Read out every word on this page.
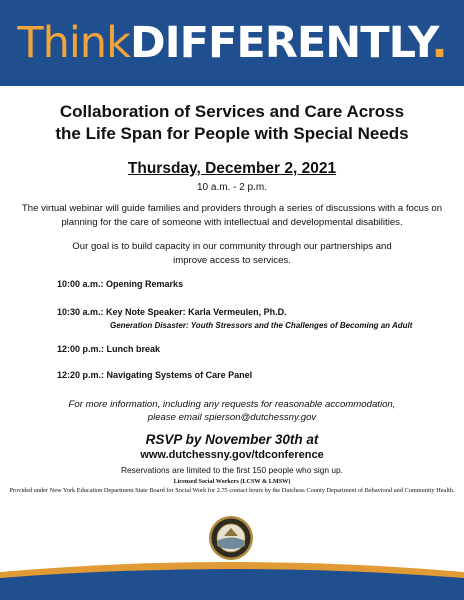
ThinkDIFFERENTLY.
Collaboration of Services and Care Across
the Life Span for People with Special Needs
Thursday, December 2, 2021
10 a.m. - 2 p.m.

The virtual webinar will guide families and providers through a series of discussions with a focus on planning for the care of someone with intellectual and developmental disabilities.

Our goal is to build capacity in our community through our partnerships and improve access to services.

10:00 a.m.: Opening Remarks
10:30 a.m.: Key Note Speaker: Karla Vermeulen, Ph.D.
Generation Disaster: Youth Stressors and the Challenges of Becoming an Adult
12:00 p.m.: Lunch break
12:20 p.m.: Navigating Systems of Care Panel

For more information, including any requests for reasonable accommodation,
please email spierson@dutchessny.gov

RSVP by November 30th at
www.dutchessny.gov/tdconference
Reservations are limited to the first 150 people who sign up.
Licensed Social Workers (LCSW & LMSW)

Provided under New York Education Department State Board for Social Work for 2.75 contact hours by the Dutchess County Department of Behavioral and Community Health.
